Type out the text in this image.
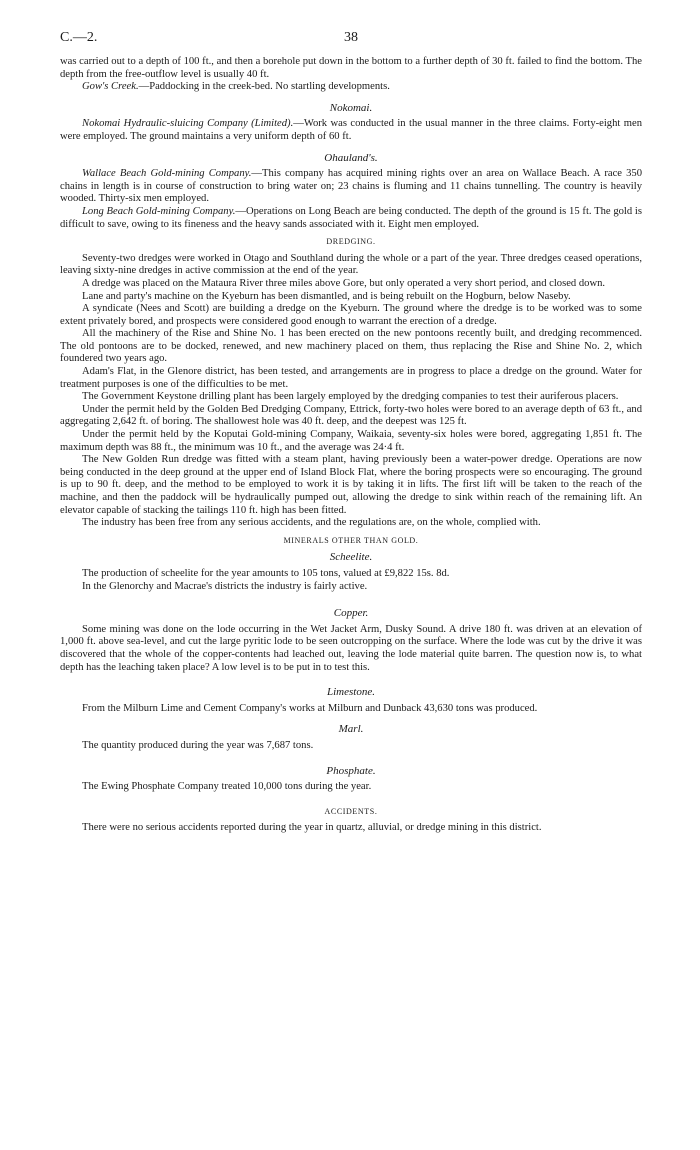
C.—2.	38

was carried out to a depth of 100 ft., and then a borehole put down in the bottom to a further depth of 30 ft. failed to find the bottom. The depth from the free-outflow level is usually 40 ft.

Gow's Creek.—Paddocking in the creek-bed. No startling developments.

Nokomai.

Nokomai Hydraulic-sluicing Company (Limited).—Work was conducted in the usual manner in the three claims. Forty-eight men were employed. The ground maintains a very uniform depth of 60 ft.

Ohauland's.

Wallace Beach Gold-mining Company.—This company has acquired mining rights over an area on Wallace Beach. A race 350 chains in length is in course of construction to bring water on; 23 chains is fluming and 11 chains tunnelling. The country is heavily wooded. Thirty-six men employed.

Long Beach Gold-mining Company.—Operations on Long Beach are being conducted. The depth of the ground is 15 ft. The gold is difficult to save, owing to its fineness and the heavy sands associated with it. Eight men employed.

DREDGING.

Seventy-two dredges were worked in Otago and Southland during the whole or a part of the year. Three dredges ceased operations, leaving sixty-nine dredges in active commission at the end of the year.

A dredge was placed on the Mataura River three miles above Gore, but only operated a very short period, and closed down.

Lane and party's machine on the Kyeburn has been dismantled, and is being rebuilt on the Hogburn, below Naseby.

A syndicate (Nees and Scott) are building a dredge on the Kyeburn. The ground where the dredge is to be worked was to some extent privately bored, and prospects were considered good enough to warrant the erection of a dredge.

All the machinery of the Rise and Shine No. 1 has been erected on the new pontoons recently built, and dredging recommenced. The old pontoons are to be docked, renewed, and new machinery placed on them, thus replacing the Rise and Shine No. 2, which foundered two years ago.

Adam's Flat, in the Glenore district, has been tested, and arrangements are in progress to place a dredge on the ground. Water for treatment purposes is one of the difficulties to be met.

The Government Keystone drilling plant has been largely employed by the dredging companies to test their auriferous placers.

Under the permit held by the Golden Bed Dredging Company, Ettrick, forty-two holes were bored to an average depth of 63 ft., and aggregating 2,642 ft. of boring. The shallowest hole was 40 ft. deep, and the deepest was 125 ft.

Under the permit held by the Koputai Gold-mining Company, Waikaia, seventy-six holes were bored, aggregating 1,851 ft. The maximum depth was 88 ft., the minimum was 10 ft., and the average was 24·4 ft.

The New Golden Run dredge was fitted with a steam plant, having previously been a water-power dredge. Operations are now being conducted in the deep ground at the upper end of Island Block Flat, where the boring prospects were so encouraging. The ground is up to 90 ft. deep, and the method to be employed to work it is by taking it in lifts. The first lift will be taken to the reach of the machine, and then the paddock will be hydraulically pumped out, allowing the dredge to sink within reach of the remaining lift. An elevator capable of stacking the tailings 110 ft. high has been fitted.

The industry has been free from any serious accidents, and the regulations are, on the whole, complied with.

MINERALS OTHER THAN GOLD.
Scheelite.

The production of scheelite for the year amounts to 105 tons, valued at £9,822 15s. 8d.

In the Glenorchy and Macrae's districts the industry is fairly active.

Copper.

Some mining was done on the lode occurring in the Wet Jacket Arm, Dusky Sound. A drive 180 ft. was driven at an elevation of 1,000 ft. above sea-level, and cut the large pyritic lode to be seen outcropping on the surface. Where the lode was cut by the drive it was discovered that the whole of the copper-contents had leached out, leaving the lode material quite barren. The question now is, to what depth has the leaching taken place? A low level is to be put in to test this.

Limestone.

From the Milburn Lime and Cement Company's works at Milburn and Dunback 43,630 tons was produced.

Marl.

The quantity produced during the year was 7,687 tons.

Phosphate.

The Ewing Phosphate Company treated 10,000 tons during the year.

ACCIDENTS.

There were no serious accidents reported during the year in quartz, alluvial, or dredge mining in this district.
